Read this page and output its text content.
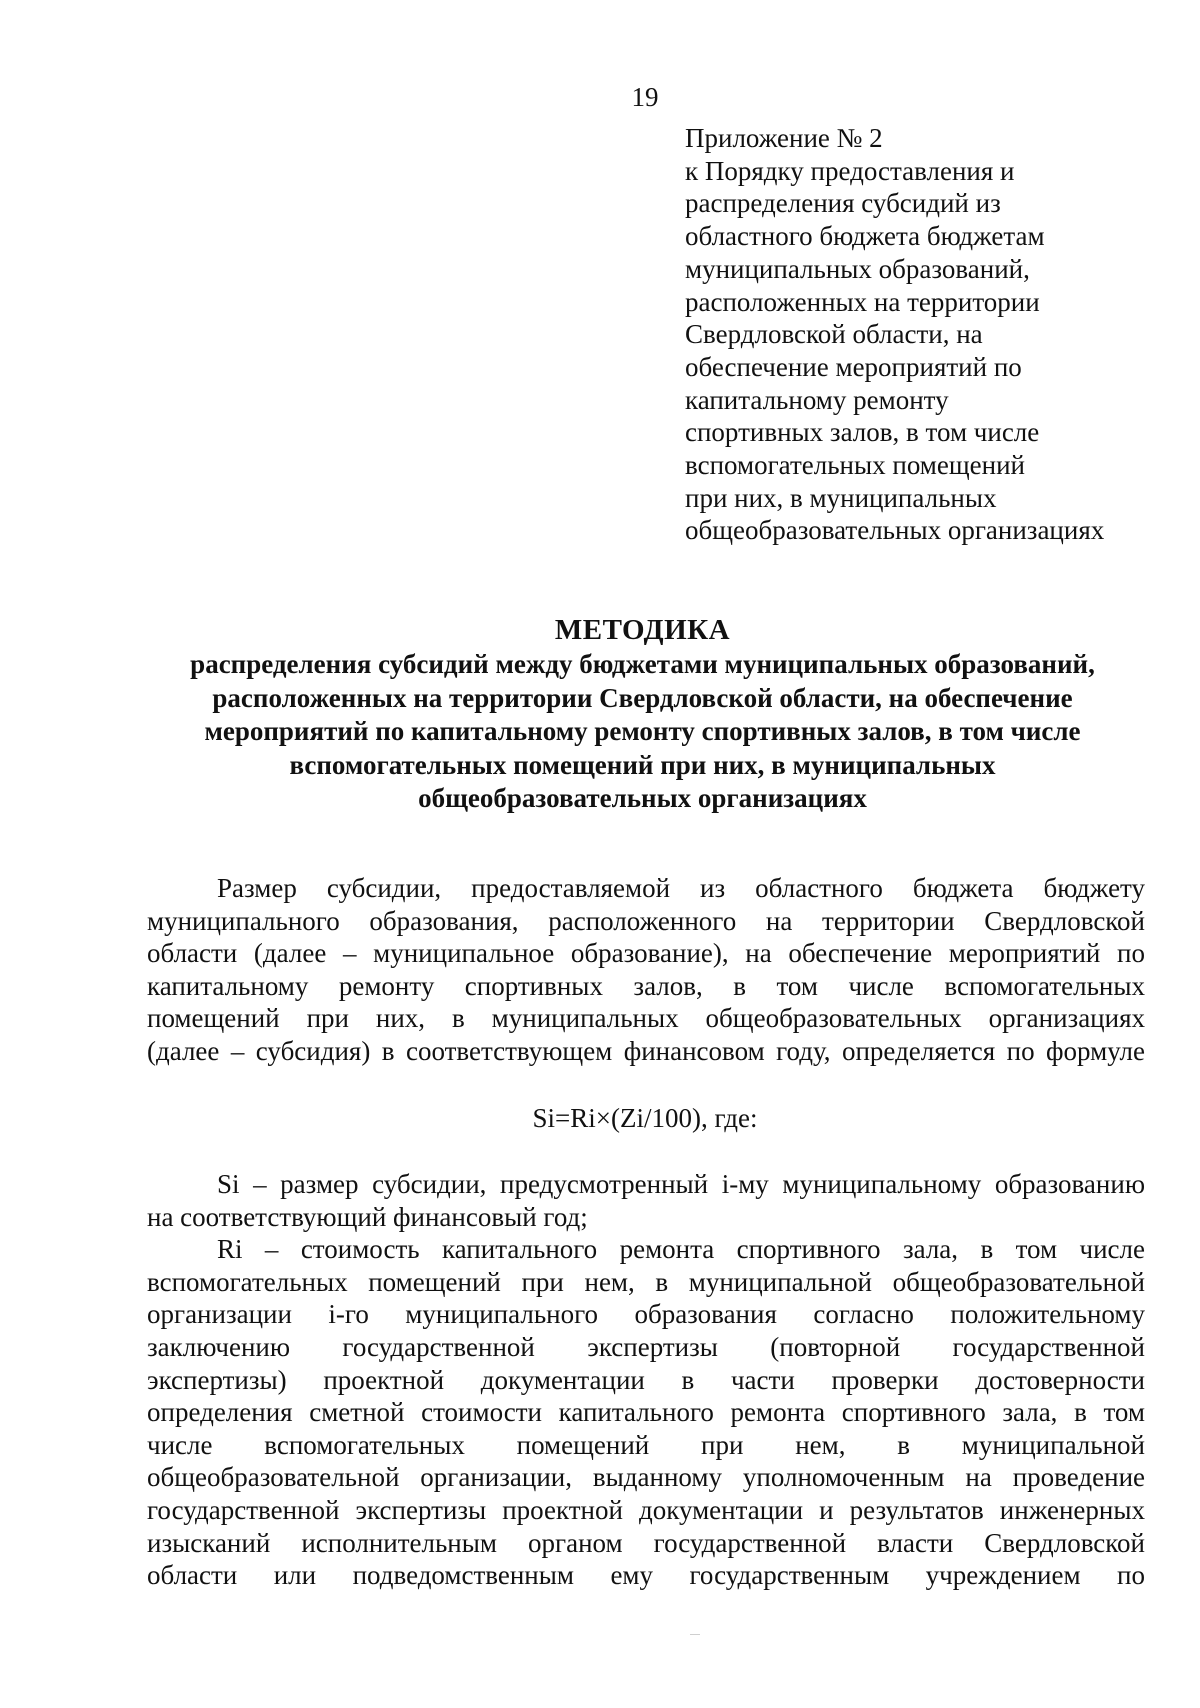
19
Приложение № 2
к Порядку предоставления и
распределения субсидий из
областного бюджета бюджетам
муниципальных образований,
расположенных на территории
Свердловской области, на
обеспечение мероприятий по
капитальному ремонту
спортивных залов, в том числе
вспомогательных помещений
при них, в муниципальных
общеобразовательных организациях
МЕТОДИКА
распределения субсидий между бюджетами муниципальных образований,
расположенных на территории Свердловской области, на обеспечение
мероприятий по капитальному ремонту спортивных залов, в том числе
вспомогательных помещений при них, в муниципальных
общеобразовательных организациях
Размер субсидии, предоставляемой из областного бюджета бюджету
муниципального образования, расположенного на территории Свердловской
области (далее – муниципальное образование), на обеспечение мероприятий по
капитальному ремонту спортивных залов, в том числе вспомогательных
помещений при них, в муниципальных общеобразовательных организациях
(далее – субсидия) в соответствующем финансовом году, определяется по формуле
Si=Ri×(Zi/100), где:
Si – размер субсидии, предусмотренный i-му муниципальному образованию
на соответствующий финансовый год;
Ri – стоимость капитального ремонта спортивного зала, в том числе
вспомогательных помещений при нем, в муниципальной общеобразовательной
организации i-го муниципального образования согласно положительному
заключению государственной экспертизы (повторной государственной
экспертизы) проектной документации в части проверки достоверности
определения сметной стоимости капитального ремонта спортивного зала, в том
числе вспомогательных помещений при нем, в муниципальной
общеобразовательной организации, выданному уполномоченным на проведение
государственной экспертизы проектной документации и результатов инженерных
изысканий исполнительным органом государственной власти Свердловской
области или подведомственным ему государственным учреждением по
